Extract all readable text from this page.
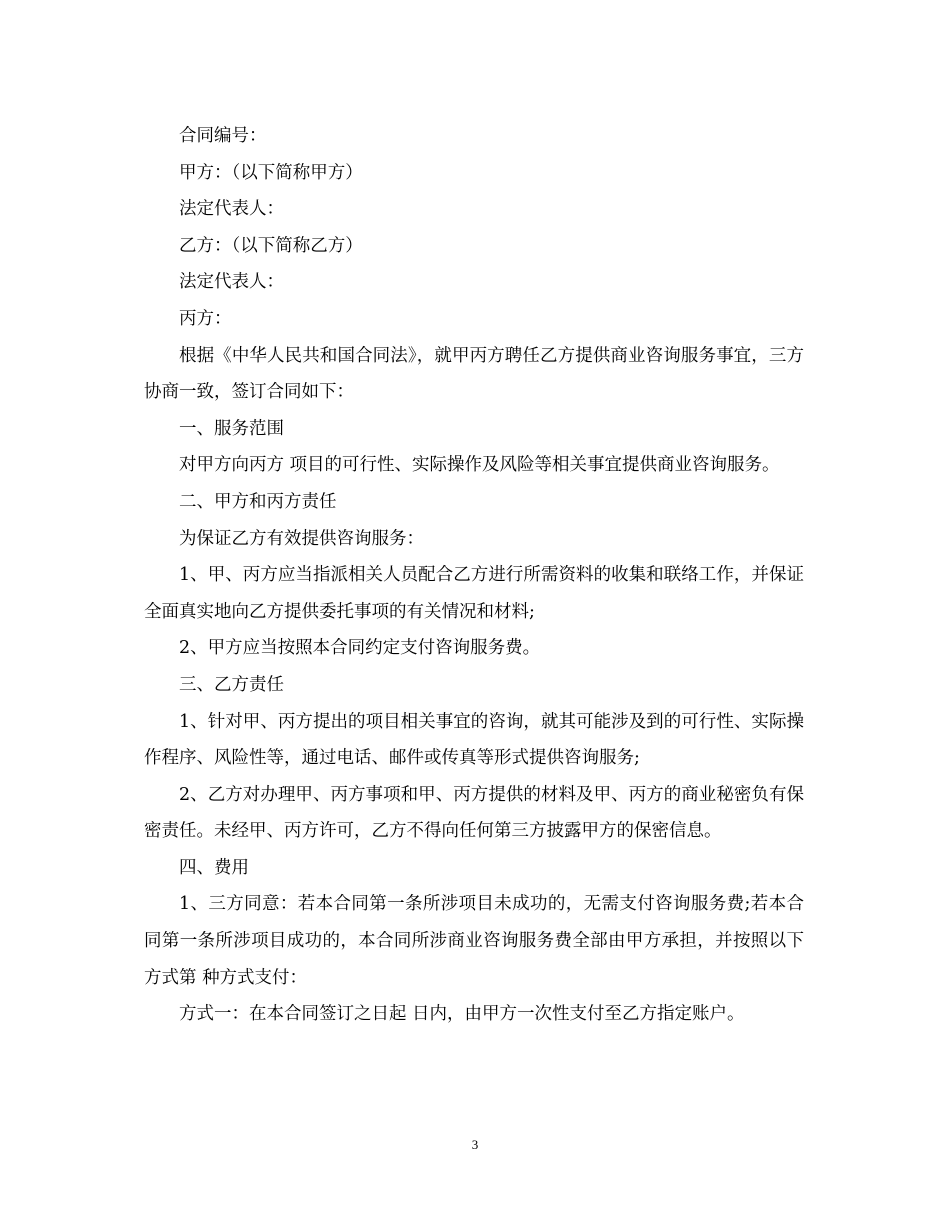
合同编号：

甲方：（以下简称甲方）

法定代表人：

乙方：（以下简称乙方）

法定代表人：

丙方：

根据《中华人民共和国合同法》，就甲丙方聘任乙方提供商业咨询服务事宜，三方协商一致，签订合同如下：

一、服务范围

对甲方向丙方 项目的可行性、实际操作及风险等相关事宜提供商业咨询服务。

二、甲方和丙方责任

为保证乙方有效提供咨询服务：

1、甲、丙方应当指派相关人员配合乙方进行所需资料的收集和联络工作，并保证全面真实地向乙方提供委托事项的有关情况和材料;

2、甲方应当按照本合同约定支付咨询服务费。

三、乙方责任

1、针对甲、丙方提出的项目相关事宜的咨询，就其可能涉及到的可行性、实际操作程序、风险性等，通过电话、邮件或传真等形式提供咨询服务;

2、乙方对办理甲、丙方事项和甲、丙方提供的材料及甲、丙方的商业秘密负有保密责任。未经甲、丙方许可，乙方不得向任何第三方披露甲方的保密信息。

四、费用

1、三方同意：若本合同第一条所涉项目未成功的，无需支付咨询服务费;若本合同第一条所涉项目成功的，本合同所涉商业咨询服务费全部由甲方承担，并按照以下方式第 种方式支付：

方式一：在本合同签订之日起 日内，由甲方一次性支付至乙方指定账户。

3
